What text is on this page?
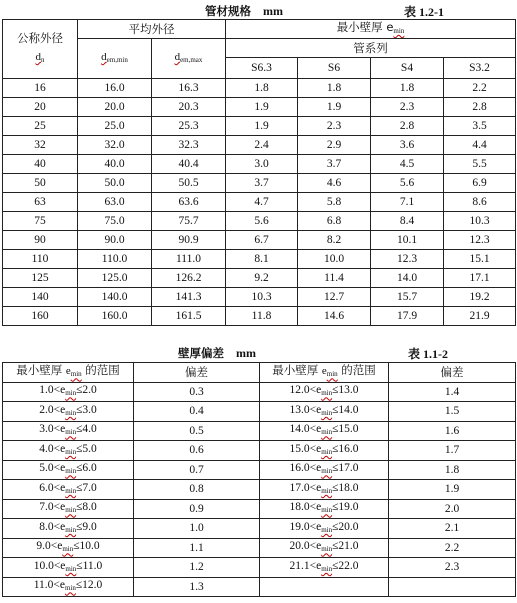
管材规格 mm	表 1.2-1
公称外径
$d_n$	平均外径		最小壁厚 $e_{min}$
	$d_{em,min}$	$d_{em,max}$	管系列			
			S6.3	S6	S4	S3.2
16	16.0	16.3	1.8	1.8	1.8	2.2
20	20.0	20.3	1.9	1.9	2.3	2.8
25	25.0	25.3	1.9	2.3	2.8	3.5
32	32.0	32.3	2.4	2.9	3.6	4.4
40	40.0	40.4	3.0	3.7	4.5	5.5
50	50.0	50.5	3.7	4.6	5.6	6.9
63	63.0	63.6	4.7	5.8	7.1	8.6
75	75.0	75.7	5.6	6.8	8.4	10.3
90	90.0	90.9	6.7	8.2	10.1	12.3
110	110.0	111.0	8.1	10.0	12.3	15.1
125	125.0	126.2	9.2	11.4	14.0	17.1
140	140.0	141.3	10.3	12.7	15.7	19.2
160	160.0	161.5	11.8	14.6	17.9	21.9
壁厚偏差 mm	表 1.1-2
最小壁厚 $e_{min}$ 的范围	偏差	最小壁厚 $e_{min}$ 的范围	偏差
$1.0<e_{min}\le 2.0$	0.3	$12.0<e_{min}\le 13.0$	1.4
$2.0<e_{min}\le 3.0$	0.4	$13.0<e_{min}\le 14.0$	1.5
$3.0<e_{min}\le 4.0$	0.5	$14.0<e_{min}\le 15.0$	1.6
$4.0<e_{min}\le 5.0$	0.6	$15.0<e_{min}\le 16.0$	1.7
$5.0<e_{min}\le 6.0$	0.7	$16.0<e_{min}\le 17.0$	1.8
$6.0<e_{min}\le 7.0$	0.8	$17.0<e_{min}\le 18.0$	1.9
$7.0<e_{min}\le 8.0$	0.9	$18.0<e_{min}\le 19.0$	2.0
$8.0<e_{min}\le 9.0$	1.0	$19.0<e_{min}\le 20.0$	2.1
$9.0<e_{min}\le 10.0$	1.1	$20.0<e_{min}\le 21.0$	2.2
$10.0<e_{min}\le 11.0$	1.2	$21.1<e_{min}\le 22.0$	2.3
$11.0<e_{min}\le 12.0$	1.3		
